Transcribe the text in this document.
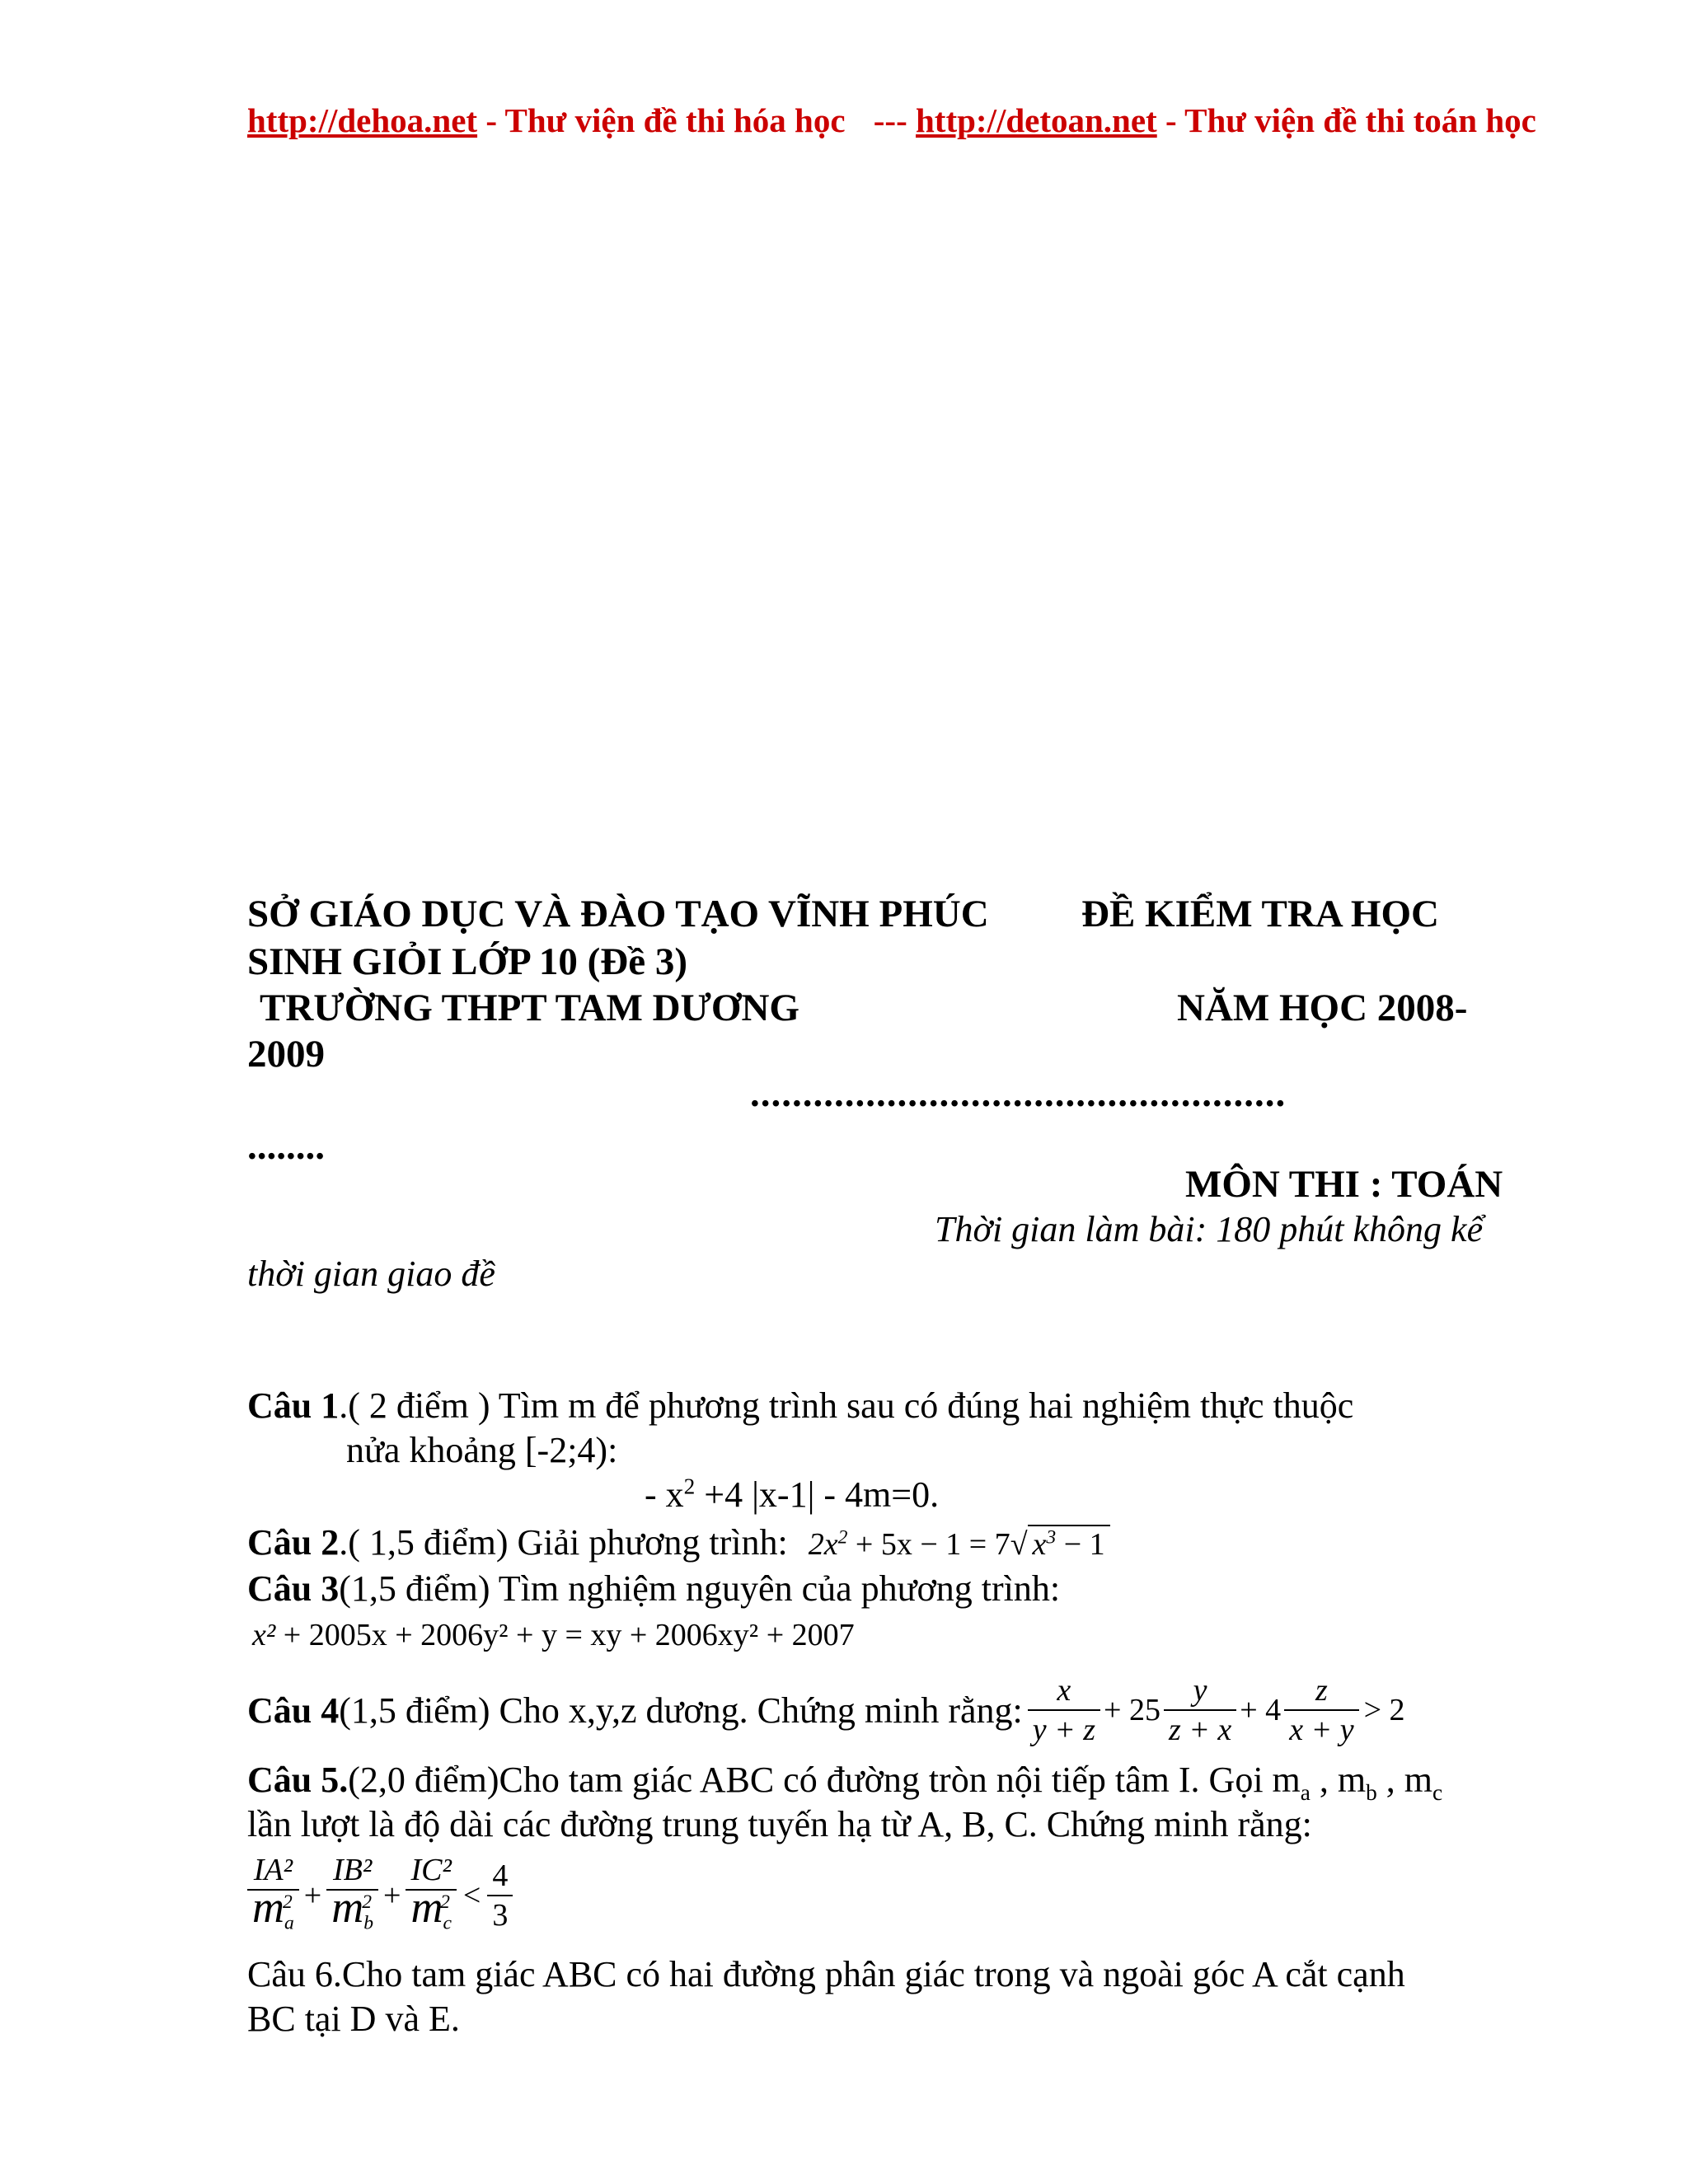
http://dehoa.net - Thư viện đề thi hóa học --- http://detoan.net - Thư viện đề thi toán học
SỞ GIÁO DỤC VÀ ĐÀO TẠO VĨNH PHÚC ĐỀ KIỂM TRA HỌC
SINH GIỎI LỚP 10 (Đề 3)
TRƯỜNG THPT TAM DƯƠNG	NĂM HỌC 2008-
2009
...................................................
........
MÔN THI : TOÁN
Thời gian làm bài: 180 phút không kể
thời gian giao đề
Câu 1.( 2 điểm ) Tìm m để phương trình sau có đúng hai nghiệm thực thuộc
nửa khoảng [-2;4):
- $x^2 +4$ |x-1| - 4m=0.
Câu 2.( 1,5 điểm) Giải phương trình: $2x^2 + 5x - 1 = 7√$ $x^3 - 1$
Câu 3(1,5 điểm) Tìm nghiệm nguyên của phương trình:
x² + 2005x + 2006y² + y = xy + 2006xy² + 2007
Câu 4 (1,5 điểm) Cho x,y,z dương. Chứng minh rằng: $\frac{x}{y + z} + 25 \frac{y}{z + x} + 4 \frac{z}{x + y} > 2$
Câu 5.(2,0 điểm)Cho tam giác ABC có đường tròn nội tiếp tâm I. Gọi $m_a$ , $m_b$ , $m_c$
lần lượt là độ dài các đường trung tuyến hạ từ A, B, C. Chứng minh rằng:
IA²
2
$m_a + IB^2$
2
$m_b + IC^2$
2
$m_c < \frac{4}{3}$
Câu 6.Cho tam giác ABC có hai đường phân giác trong và ngoài góc A cắt cạnh
BC tại D và E.
